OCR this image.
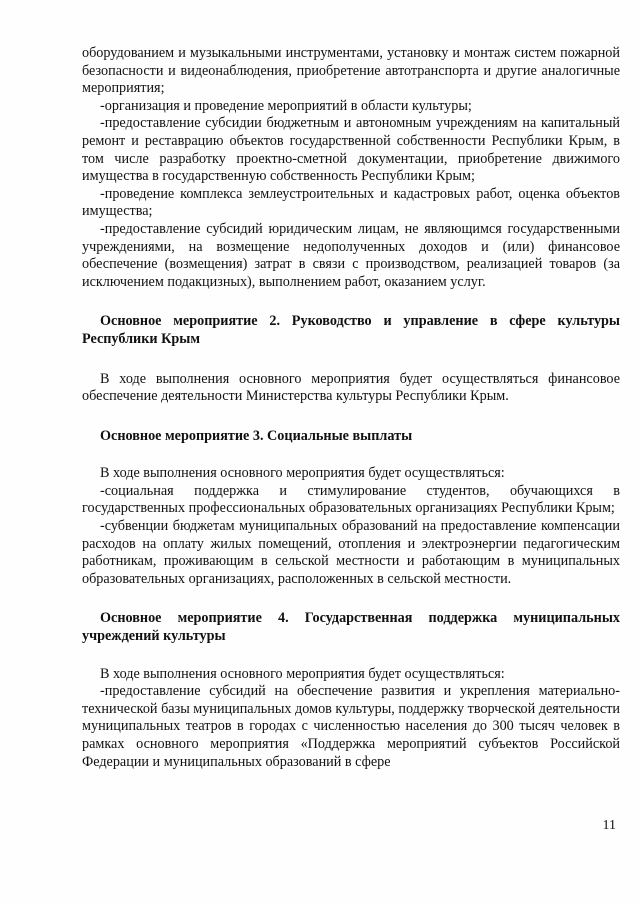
оборудованием и музыкальными инструментами, установку и монтаж систем пожарной безопасности и видеонаблюдения, приобретение автотранспорта и другие аналогичные мероприятия;

-организация и проведение мероприятий в области культуры;

-предоставление субсидии бюджетным и автономным учреждениям на капитальный ремонт и реставрацию объектов государственной собственности Республики Крым, в том числе разработку проектно-сметной документации, приобретение движимого имущества в государственную собственность Республики Крым;

-проведение комплекса землеустроительных и кадастровых работ, оценка объектов имущества;

-предоставление субсидий юридическим лицам, не являющимся государственными учреждениями, на возмещение недополученных доходов и (или) финансовое обеспечение (возмещения) затрат в связи с производством, реализацией товаров (за исключением подакцизных), выполнением работ, оказанием услуг.

Основное мероприятие 2. Руководство и управление в сфере культуры Республики Крым

В ходе выполнения основного мероприятия будет осуществляться финансовое обеспечение деятельности Министерства культуры Республики Крым.

Основное мероприятие 3. Социальные выплаты

В ходе выполнения основного мероприятия будет осуществляться:

-социальная поддержка и стимулирование студентов, обучающихся в государственных профессиональных образовательных организациях Республики Крым;

-субвенции бюджетам муниципальных образований на предоставление компенсации расходов на оплату жилых помещений, отопления и электроэнергии педагогическим работникам, проживающим в сельской местности и работающим в муниципальных образовательных организациях, расположенных в сельской местности.

Основное мероприятие 4. Государственная поддержка муниципальных учреждений культуры

В ходе выполнения основного мероприятия будет осуществляться:

-предоставление субсидий на обеспечение развития и укрепления материально-технической базы муниципальных домов культуры, поддержку творческой деятельности муниципальных театров в городах с численностью населения до 300 тысяч человек в рамках основного мероприятия «Поддержка мероприятий субъектов Российской Федерации и муниципальных образований в сфере

11
